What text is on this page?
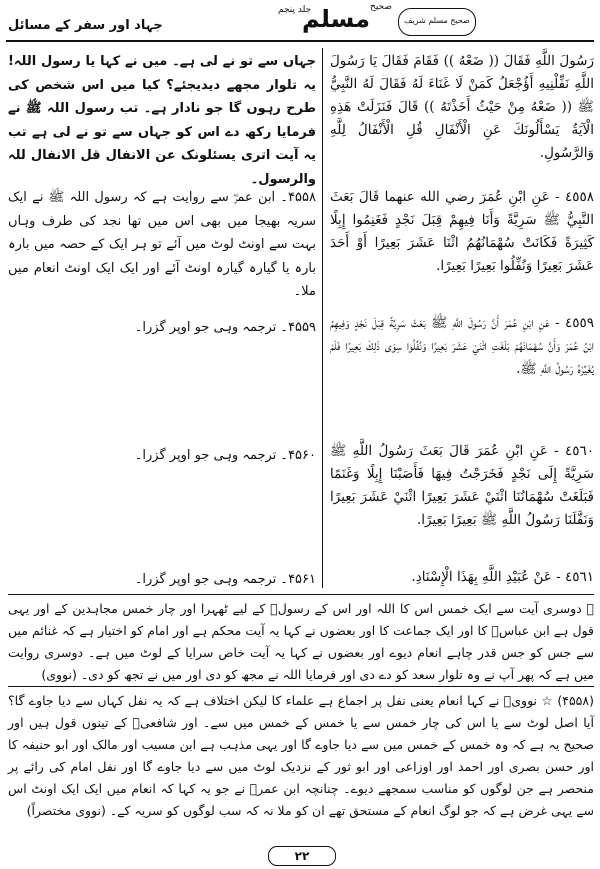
جہاد اور سفر کے مسائل
جلد پنجم	صحیح
مسلم	صحیح مسلم شریف
رَسُولَ اللَّهِ فَقَالَ (( ضَعْهُ )) فَقَامَ فَقَالَ يَا رَسُولَ اللَّهِ نَفِّلْنِيهِ أَؤُجْعَلُ كَمَنْ لَا غَنَاءَ لَهُ فَقَالَ لَهُ النَّبِيُّ ﷺ (( ضَعْهُ مِنْ حَيْثُ أَخَذْتَهُ )) قَالَ فَنَزَلَتْ هَذِهِ الْآيَةُ يَسْأَلُونَكَ عَنِ الْأَنْفَالِ قُلِ الْأَنْفَالُ لِلَّهِ وَالرَّسُولِ.
٤٥٥٨ - عَنِ ابْنِ عُمَرَ رضي الله عنهما قَالَ بَعَثَ النَّبِيُّ ﷺ سَرِيَّةً وَأَنَا فِيهِمْ قِبَلَ نَجْدٍ فَغَنِمُوا إِبِلًا كَثِيرَةً فَكَانَتْ سُهْمَانُهُمُ اثْنَا عَشَرَ بَعِيرًا أَوْ أَحَدَ عَشَرَ بَعِيرًا وَنُفِّلُوا بَعِيرًا بَعِيرًا.
٤٥٥٩ - عَنِ ابْنِ عُمَرَ أَنَّ رَسُولَ اللَّهِ ﷺ بَعَثَ سَرِيَّةً قِبَلَ نَجْدٍ وَفِيهِمُ ابْنُ عُمَرَ وَأَنَّ سُهْمَانَهُمْ بَلَغَتِ اثْنَيْ عَشَرَ بَعِيرًا وَنُفِّلُوا سِوَى ذَلِكَ بَعِيرًا فَلَمْ يُغَيِّرْهُ رَسُولُ اللَّهِ ﷺ.
٤٥٦٠ - عَنِ ابْنِ عُمَرَ قَالَ بَعَثَ رَسُولُ اللَّهِ ﷺ سَرِيَّةً إِلَى نَجْدٍ فَخَرَجْتُ فِيهَا فَأَصَبْنَا إِبِلًا وَغَنَمًا فَبَلَغَتْ سُهْمَانُنَا اثْنَيْ عَشَرَ بَعِيرًا اثْنَيْ عَشَرَ بَعِيرًا وَنَفَّلَنَا رَسُولُ اللَّهِ ﷺ بَعِيرًا بَعِيرًا.
٤٥٦١ - عَنْ عُبَيْدِ اللَّهِ بِهَذَا الْإِسْنَادِ.
جہاں سے تو نے لی ہے۔ میں نے کہا یا رسول اللہ! یہ تلوار مجھے دیدیجئے؟ کیا میں اس شخص کی طرح رہوں گا جو نادار ہے۔ تب رسول اللہ ﷺ نے فرمایا رکھ دے اس کو جہاں سے تو نے لی ہے تب یہ آیت اتری یسئلونک عن الانفال قل الانفال للہ والرسول۔
۴۵۵۸۔ ابن عمرؓ سے روایت ہے کہ رسول اللہ ﷺ نے ایک سریہ بھیجا میں بھی اس میں تھا نجد کی طرف وہاں بہت سے اونٹ لوٹ میں آئے تو ہر ایک کے حصہ میں بارہ بارہ یا گیارہ گیارہ اونٹ آئے اور ایک ایک اونٹ انعام میں ملا۔
۴۵۵۹۔ ترجمہ وہی جو اوپر گزرا۔
۴۵۶۰۔ ترجمہ وہی جو اوپر گزرا۔
۴۵۶۱۔ ترجمہ وہی جو اوپر گزرا۔
ﷺ دوسری آیت سے ایک خمس اس کا اللہ اور اس کے رسولؐ کے لیے ٹھہرا اور چار خمس مجاہدین کے اور یہی قول ہے ابن عباسؓ کا اور ایک جماعت کا اور بعضوں نے کہا یہ آیت محکم ہے اور امام کو اختیار ہے کہ غنائم میں سے جس کو جس قدر چاہے انعام دیوے اور بعضوں نے کہا یہ آیت خاص سرایا کے لوٹ میں ہے۔ دوسری روایت میں ہے کہ پھر آپ نے وہ تلوار سعد کو دے دی اور فرمایا اللہ نے مجھ کو دی اور میں نے تجھ کو دی۔ (نووی)
(۴۵۵۸) ☆ نوویؒ نے کہا انعام یعنی نفل پر اجماع ہے علماء کا لیکن اختلاف ہے کہ یہ نفل کہاں سے دیا جاوے گا؟ آیا اصل لوٹ سے یا اس کی چار خمس سے یا خمس کے خمس میں سے۔ اور شافعیؒ کے تینوں قول ہیں اور صحیح یہ ہے کہ وہ خمس کے خمس میں سے دیا جاوے گا اور یہی مذہب ہے ابن مسیب اور مالک اور ابو حنیفہ کا اور حسن بصری اور احمد اور اوزاعی اور ابو ثور کے نزدیک لوٹ میں سے دیا جاوے گا اور نفل امام کی رائے پر منحصر ہے جن لوگوں کو مناسب سمجھے دیوے۔ چنانچہ ابن عمرؓ نے جو یہ کہا کہ انعام میں ایک ایک اونٹ اس سے یہی غرض ہے کہ جو لوگ انعام کے مستحق تھے ان کو ملا نہ کہ سب لوگوں کو سریہ کے۔ (نووی مختصراً)
۲۲
